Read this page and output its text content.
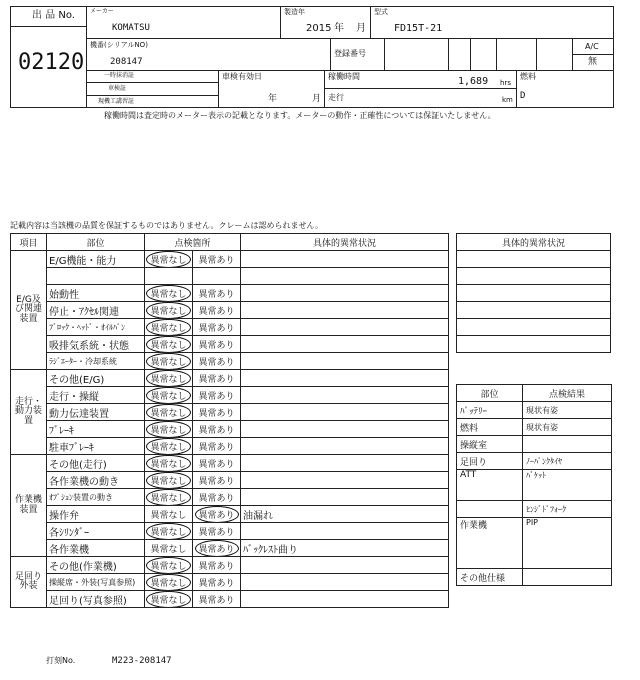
出 品 No.
02120
メーカー
KOMATSU
製造年
2015 年 月
型式
FD15T-21
機番(シリアルNO)
208147
登録番号
A/C
無
一時抹消証
車検証
現機工講習証
車検有効日
年	月
稼働時間	1,689 hrs
走行	km
燃料
D
稼働時間は査定時のメーター表示の記載となります。メーターの動作・正確性については保証いたしません。
記載内容は当該機の品質を保証するものではありません。クレームは認められません。
項目	部位	点検箇所		具体的異常状況
E/G及び関連装置	E/G機能・能力	異常なし	異常あり	

	始動性	異常なし	異常あり	
	停止・ｱｸｾﾙ関連	異常なし	異常あり	
	ﾌﾞﾛｯｸ・ﾍｯﾄﾞ・ｵｲﾙﾊﾟﾝ	異常なし	異常あり	
	吸排気系統・状態	異常なし	異常あり	
	ﾗｼﾞｴｰﾀｰ・冷却系統	異常なし	異常あり	
走行・動力装置	その他(E/G)	異常なし	異常あり	
	走行・操縦	異常なし	異常あり	
	動力伝達装置	異常なし	異常あり	
	ﾌﾞﾚｰｷ	異常なし	異常あり	
	駐車ﾌﾞﾚｰｷ	異常なし	異常あり	
作業機装置	その他(走行)	異常なし	異常あり	
	各作業機の動き	異常なし	異常あり	
	ｵﾌﾟｼｮﾝ装置の動き	異常なし	異常あり	
	操作弁	異常なし	異常あり	油漏れ
	各ｼﾘﾝﾀﾞｰ	異常なし	異常あり	
	各作業機	異常なし	異常あり	ﾊﾞｯｸﾚｽﾄ曲り
足回り外装	その他(作業機)	異常なし	異常あり	
	操縦席・外装(写真参照)	異常なし	異常あり	
	足回り(写真参照)	異常なし	異常あり	
具体的異常状況

部位	点検結果
ﾊﾞｯﾃﾘｰ	現状有姿
燃料	現状有姿
操縦室	
足回り	ﾉｰﾊﾟﾝｸﾀｲﾔ
ATT	ﾊﾞｹｯﾄ
	ﾋﾝｼﾞﾄﾞﾌｫｰｸ
作業機	PIP
その他仕様	
打刻No.	M223-208147
